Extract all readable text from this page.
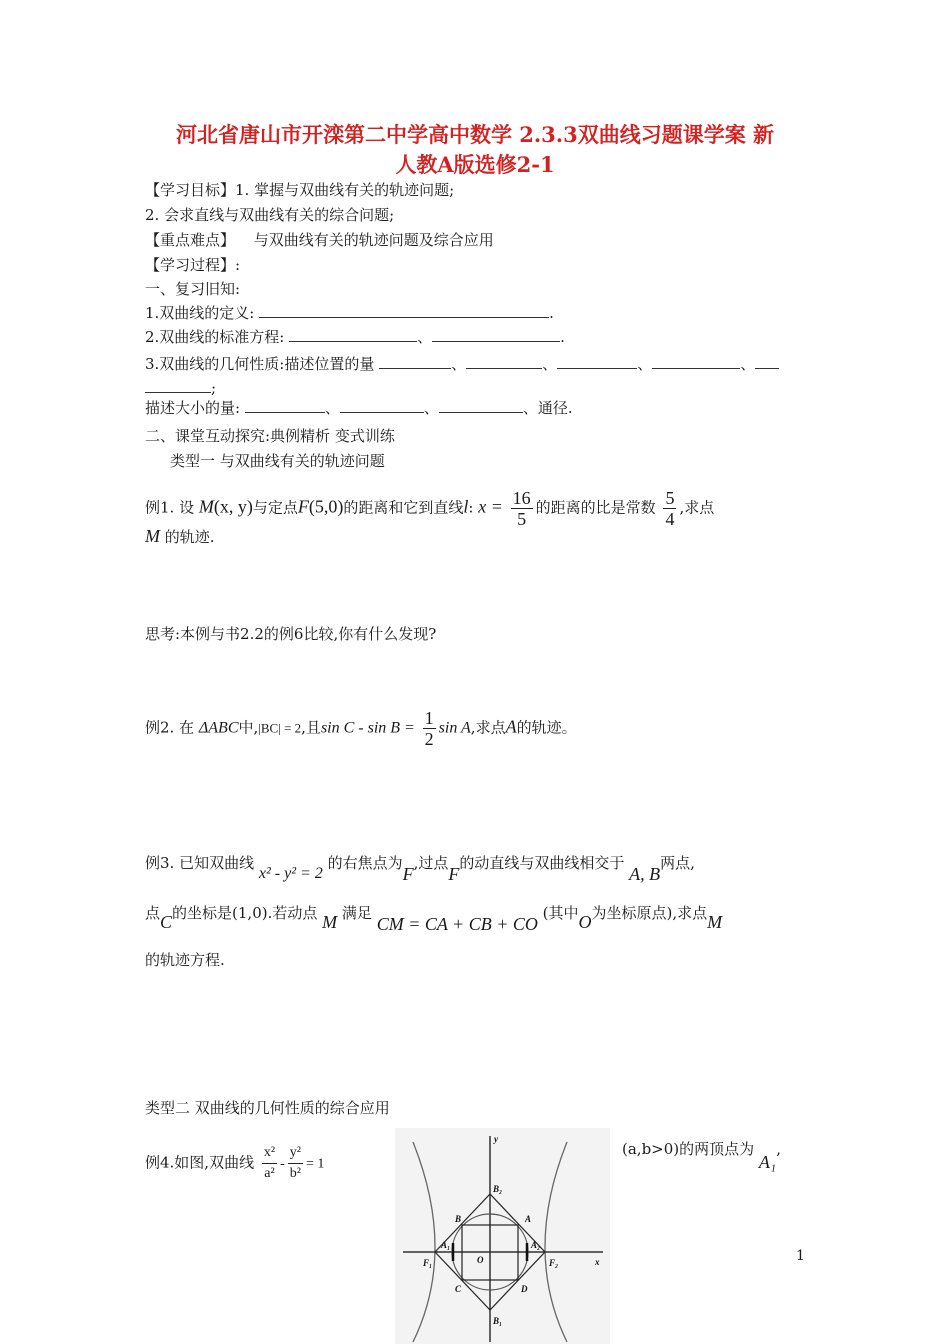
河北省唐山市开滦第二中学高中数学 2.3.3双曲线习题课学案 新
人教A版选修2-1
【学习目标】1. 掌握与双曲线有关的轨迹问题;
2. 会求直线与双曲线有关的综合问题;
【重点难点】 与双曲线有关的轨迹问题及综合应用
【学习过程】:
一、复习旧知:
1.双曲线的定义:	.
2.双曲线的标准方程:	、	.
3.双曲线的几何性质:描述位置的量	、	、	、	、
;
描述大小的量:	、	、	、通径.
二、课堂互动探究:典例精析 变式训练
类型一 与双曲线有关的轨迹问题
例1. 设 M(x, y)与定点F(5,0)的距离和它到直线l: $x = \frac{16}{5}$ 的距离的比是常数 $\frac{5}{4}$ ,求点
M 的轨迹.
思考:本例与书2.2的例6比较,你有什么发现?
例2. 在 ΔABC中,|BC| = 2,且$\sin C - \sin B = \frac{1}{2}$ sin A,求点A的轨迹。
例3. 已知双曲线 x² - y² = 2 的右焦点为F,过点F的动直线与双曲线相交于 A, B两点,
点C的坐标是(1,0).若动点 M 满足 CM = CA + CB + CO (其中O为坐标原点),求点M
的轨迹方程.
类型二 双曲线的几何性质的综合应用
例4.如图,双曲线 $\frac{\text{x²}}{\text{a²}} - \frac{\text{y²}}{\text{b²}} = 1$
(a,b>0)的两顶点为 A₁,
y
x
O
F₁	F₂
A₁	A₂
B₁
B₂
A
B
C	D
1
